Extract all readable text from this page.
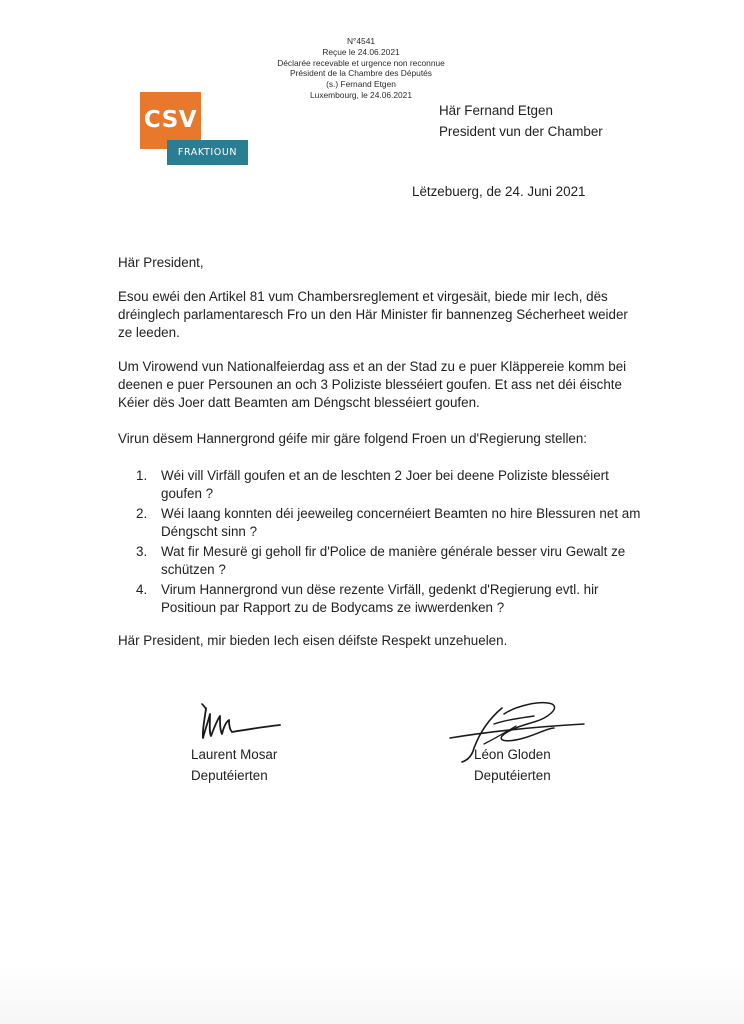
N°4541
Reçue le 24.06.2021
Déclarée recevable et urgence non reconnue
Président de la Chambre des Députés
(s.) Fernand Etgen
Luxembourg, le 24.06.2021
CSV
FRAKTIOUN
Här Fernand Etgen
President vun der Chamber
Lëtzebuerg, de 24. Juni 2021
Här President,
Esou ewéi den Artikel 81 vum Chambersreglement et virgesäit, biede mir Iech, dës dréinglech parlamentaresch Fro un den Här Minister fir bannenzeg Sécherheet weider ze leeden.
Um Virowend vun Nationalfeierdag ass et an der Stad zu e puer Kläppereie komm bei deenen e puer Persounen an och 3 Poliziste blesséiert goufen. Et ass net déi éischte Kéier dës Joer datt Beamten am Déngscht blesséiert goufen.
Virun dësem Hannergrond géife mir gäre folgend Froen un d'Regierung stellen:
1. Wéi vill Virfäll goufen et an de leschten 2 Joer bei deene Poliziste blesséiert goufen ?
2. Wéi laang konnten déi jeeweileg concernéiert Beamten no hire Blessuren net am Déngscht sinn ?
3. Wat fir Mesurë gi geholl fir d'Police de manière générale besser viru Gewalt ze schützen ?
4. Virum Hannergrond vun dëse rezente Virfäll, gedenkt d'Regierung evtl. hir Positioun par Rapport zu de Bodycams ze iwwerdenken ?
Här President, mir bieden Iech eisen déifste Respekt unzehuelen.
Laurent Mosar
Deputéierten
Léon Gloden
Deputéierten
